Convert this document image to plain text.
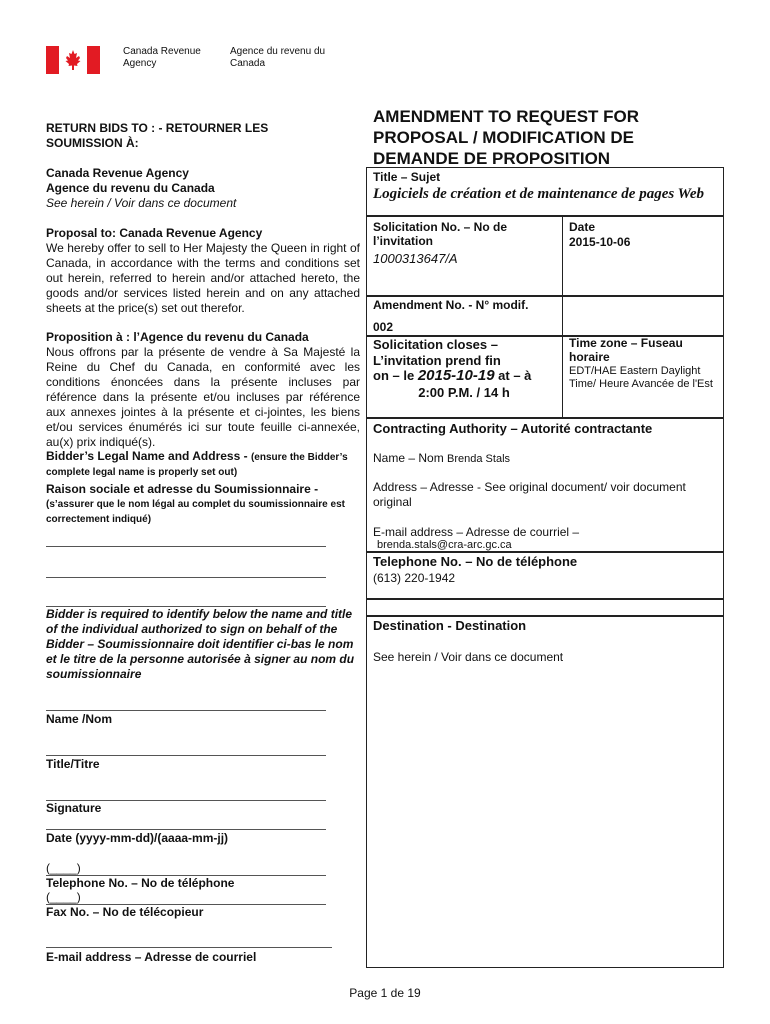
Canada Revenue Agency
Agence du revenu du Canada
RETURN BIDS TO : - RETOURNER LES SOUMISSION À:
Canada Revenue Agency
Agence du revenu du Canada
See herein / Voir dans ce document
Proposal to: Canada Revenue Agency
We hereby offer to sell to Her Majesty the Queen in right of Canada, in accordance with the terms and conditions set out herein, referred to herein and/or attached hereto, the goods and/or services listed herein and on any attached sheets at the price(s) set out therefor.
Proposition à : l’Agence du revenu du Canada
Nous offrons par la présente de vendre à Sa Majesté la Reine du Chef du Canada, en conformité avec les conditions énoncées dans la présente incluses par référence dans la présente et/ou incluses par référence aux annexes jointes à la présente et ci-jointes, les biens et/ou services énumérés ici sur toute feuille ci-annexée, au(x) prix indiqué(s).
Bidder’s Legal Name and Address - (ensure the Bidder’s complete legal name is properly set out)
Raison sociale et adresse du Soumissionnaire - (s’assurer que le nom légal au complet du soumissionnaire est correctement indiqué)
Bidder is required to identify below the name and title of the individual authorized to sign on behalf of the Bidder – Soumissionnaire doit identifier ci-bas le nom et le titre de la personne autorisée à signer au nom du soumissionnaire
Name /Nom
Title/Titre
Signature
Date (yyyy-mm-dd)/(aaaa-mm-jj)
(____)
Telephone No. – No de téléphone
(____)
Fax No. – No de télécopieur
E-mail address – Adresse de courriel
AMENDMENT TO REQUEST FOR PROPOSAL / MODIFICATION DE DEMANDE DE PROPOSITION
Title – Sujet
Logiciels de création et de maintenance de pages Web
Solicitation No. – No de l’invitation
1000313647/A
Date
2015-10-06
Amendment No. - N° modif.
002
Solicitation closes –
L’invitation prend fin
on – le 2015-10-19 at – à
2:00 P.M. / 14 h
Time zone – Fuseau horaire
EDT/HAE Eastern Daylight Time/ Heure Avancée de l'Est
Contracting Authority – Autorité contractante
Name – Nom Brenda Stals
Address – Adresse - See original document/ voir document original
E-mail address – Adresse de courriel –
brenda.stals@cra-arc.gc.ca
Telephone No. – No de téléphone
(613) 220-1942
Destination - Destination
See herein / Voir dans ce document
Page 1 de 19
